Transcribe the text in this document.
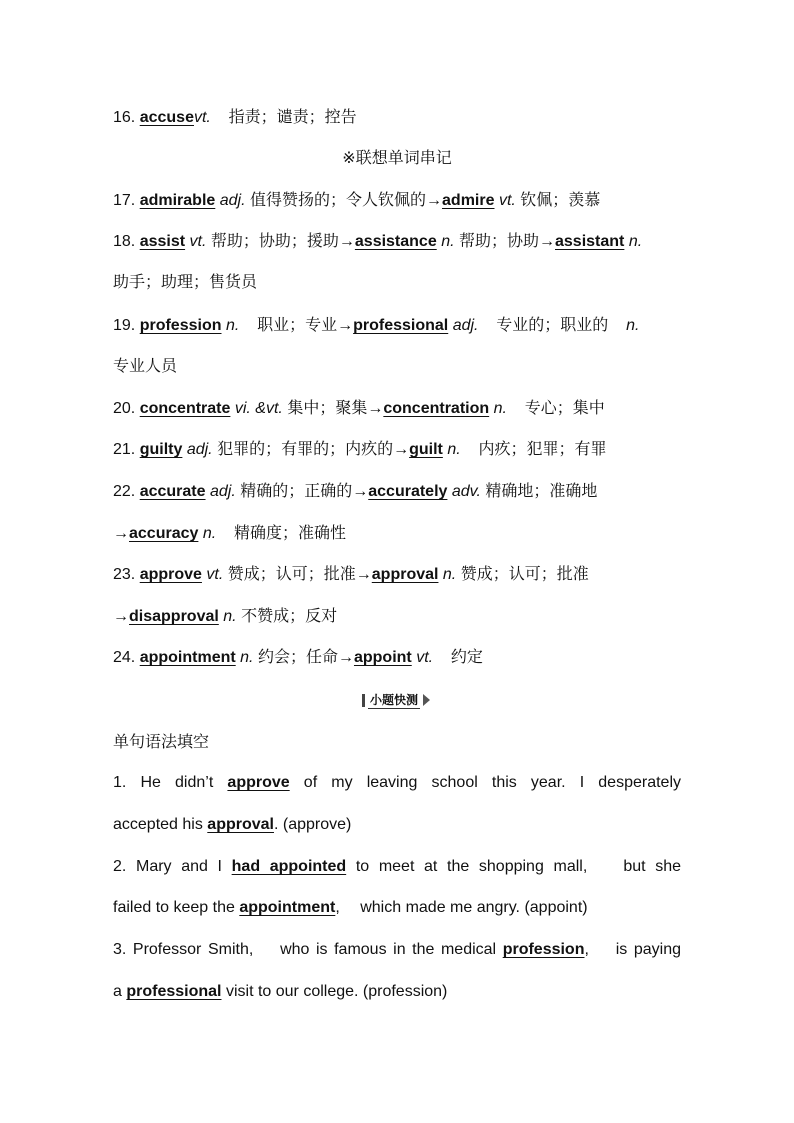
16. accusevt. 指责；谴责；控告
※联想单词串记
17. admirable adj. 值得赞扬的；令人钦佩的→admire vt. 钦佩；羡慕
18. assist vt. 帮助；协助；援助→assistance n. 帮助；协助→assistant n.
助手；助理；售货员
19. profession n. 职业；专业→professional adj. 专业的；职业的 n.
专业人员
20. concentrate vi. &vt. 集中；聚集→concentration n. 专心；集中
21. guilty adj. 犯罪的；有罪的；内疚的→guilt n. 内疚；犯罪；有罪
22. accurate adj. 精确的；正确的→accurately adv. 精确地；准确地
→accuracy n. 精确度；准确性
23. approve vt. 赞成；认可；批准→approval n. 赞成；认可；批准
→disapproval n. 不赞成；反对
24. appointment n. 约会；任命→appoint vt. 约定
小题快测
单句语法填空
1. He didn’t approve of my leaving school this year. I desperately
accepted his approval. (approve)
2. Mary and I had appointed to meet at the shopping mall,　 but she
failed to keep the appointment,　 which made me angry. (appoint)
3. Professor Smith,　 who is famous in the medical profession,　 is paying
a professional visit to our college. (profession)
